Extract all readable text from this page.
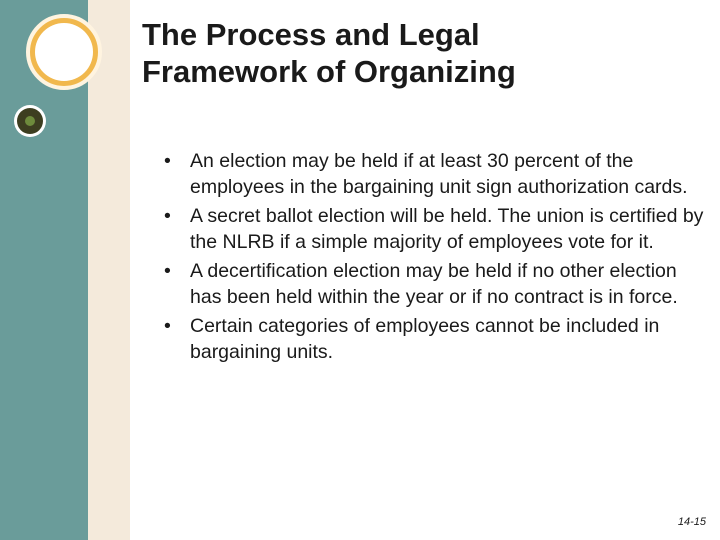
The Process and Legal
Framework of Organizing
• An election may be held if at least 30 percent of the employees in the bargaining unit sign authorization cards.
• A secret ballot election will be held. The union is certified by the NLRB if a simple majority of employees vote for it.
• A decertification election may be held if no other election has been held within the year or if no contract is in force.
• Certain categories of employees cannot be included in bargaining units.
14-15
